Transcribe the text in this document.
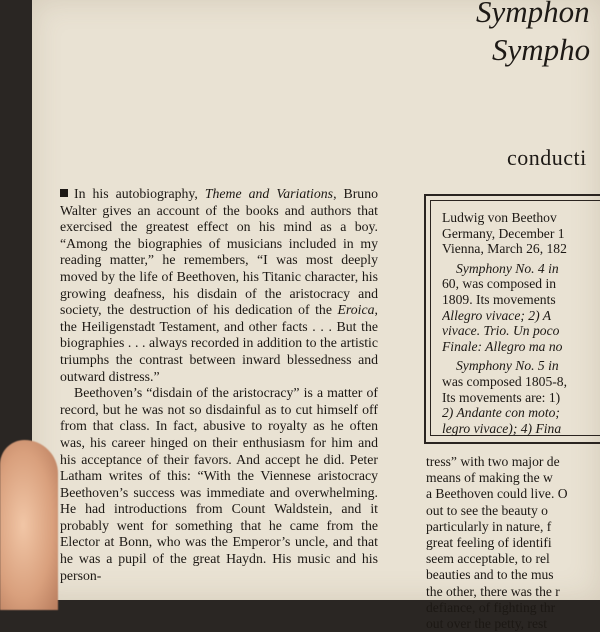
Symphon
Sympho
conducti

In his autobiography, Theme and Variations, Bruno Walter gives an account of the books and authors that exercised the greatest effect on his mind as a boy. “Among the biographies of musicians included in my reading matter,” he remembers, “I was most deeply moved by the life of Beethoven, his Titanic character, his growing deafness, his disdain of the aristocracy and society, the destruction of his dedication of the Eroica, the Heiligenstadt Testament, and other facts . . . But the biographies . . . always recorded in addition to the artistic triumphs the contrast between inward blessedness and outward distress.”

Beethoven’s “disdain of the aristocracy” is a matter of record, but he was not so disdainful as to cut himself off from that class. In fact, abusive to royalty as he often was, his career hinged on their enthusiasm for him and his acceptance of their favors. And accept he did. Peter Latham writes of this: “With the Viennese aristocracy Beethoven’s success was immediate and overwhelming. He had introductions from Count Waldstein, and it probably went for something that he came from the Elector at Bonn, who was the Emperor’s uncle, and that he was a pupil of the great Haydn. His music and his person-

Ludwig von Beethov
Germany, December 1
Vienna, March 26, 182
Symphony No. 4 in
60, was composed in
1809. Its movements
Allegro vivace; 2) A
vivace. Trio. Un poco
Finale: Allegro ma no
Symphony No. 5 in
was composed 1805-8,
Its movements are: 1)
2) Andante con moto;
legro vivace); 4) Fina
tress” with two major de
means of making the w
a Beethoven could live. O
out to see the beauty o
particularly in nature, f
great feeling of identifi
seem acceptable, to rel
beauties and to the mus
the other, there was the r
defiance, of fighting thr
out over the petty, rest
